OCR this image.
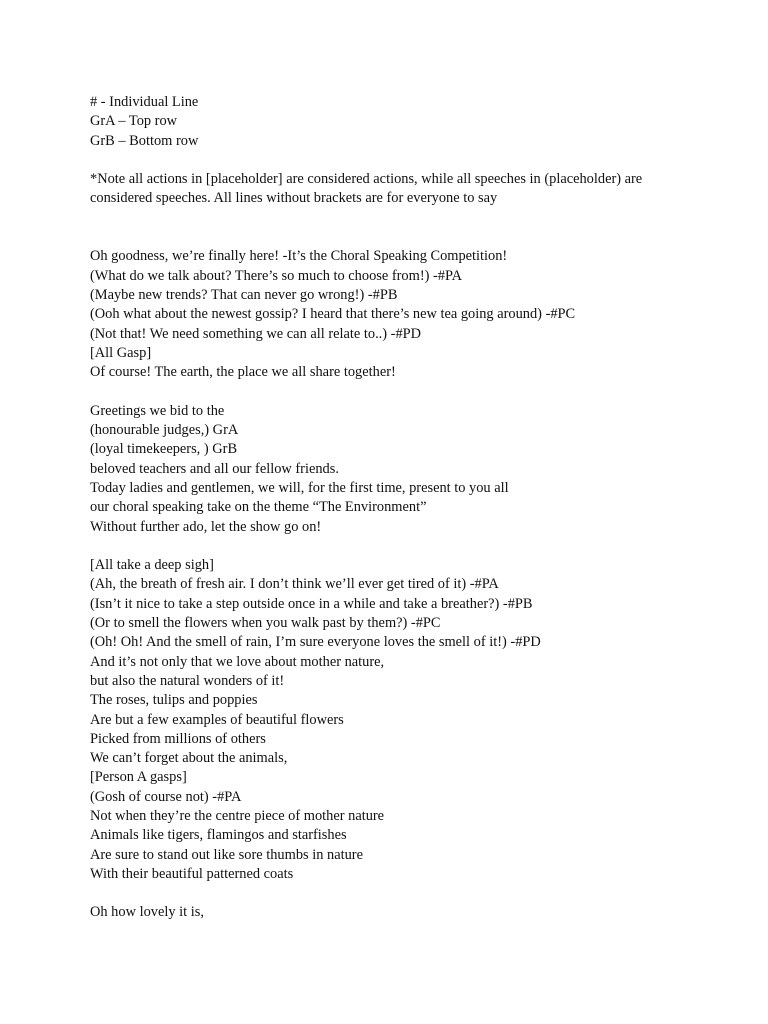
# - Individual Line
GrA – Top row
GrB – Bottom row
*Note all actions in [placeholder] are considered actions, while all speeches in (placeholder) are
considered speeches. All lines without brackets are for everyone to say
Oh goodness, we’re finally here! -It’s the Choral Speaking Competition!
(What do we talk about? There’s so much to choose from!) -#PA
(Maybe new trends? That can never go wrong!) -#PB
(Ooh what about the newest gossip? I heard that there’s new tea going around) -#PC
(Not that! We need something we can all relate to..) -#PD
[All Gasp]
Of course! The earth, the place we all share together!
Greetings we bid to the
(honourable judges,) GrA
(loyal timekeepers, ) GrB
beloved teachers and all our fellow friends.
Today ladies and gentlemen, we will, for the first time, present to you all
our choral speaking take on the theme “The Environment”
Without further ado, let the show go on!
[All take a deep sigh]
(Ah, the breath of fresh air. I don’t think we’ll ever get tired of it) -#PA
(Isn’t it nice to take a step outside once in a while and take a breather?) -#PB
(Or to smell the flowers when you walk past by them?) -#PC
(Oh! Oh! And the smell of rain, I’m sure everyone loves the smell of it!) -#PD
And it’s not only that we love about mother nature,
but also the natural wonders of it!
The roses, tulips and poppies
Are but a few examples of beautiful flowers
Picked from millions of others
We can’t forget about the animals,
[Person A gasps]
(Gosh of course not) -#PA
Not when they’re the centre piece of mother nature
Animals like tigers, flamingos and starfishes
Are sure to stand out like sore thumbs in nature
With their beautiful patterned coats
Oh how lovely it is,
